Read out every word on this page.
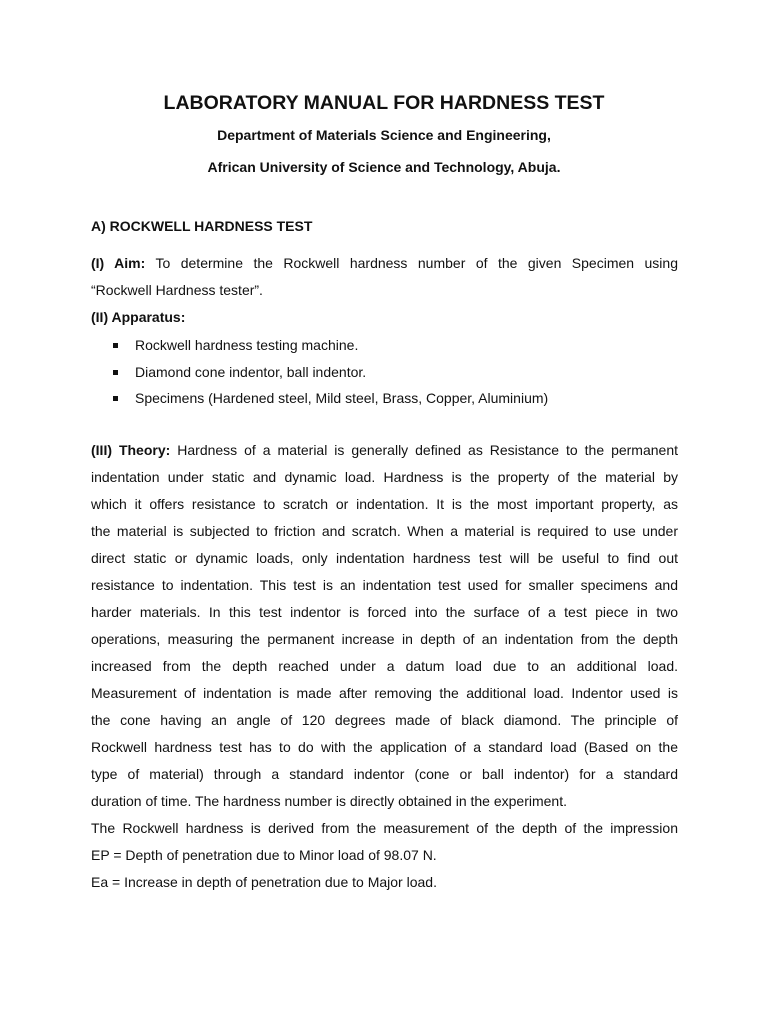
LABORATORY MANUAL FOR HARDNESS TEST
Department of Materials Science and Engineering,
African University of Science and Technology, Abuja.
A) ROCKWELL HARDNESS TEST
(I) Aim: To determine the Rockwell hardness number of the given Specimen using
“Rockwell Hardness tester”.
(II) Apparatus:
Rockwell hardness testing machine.
Diamond cone indentor, ball indentor.
Specimens (Hardened steel, Mild steel, Brass, Copper, Aluminium)
(III) Theory: Hardness of a material is generally defined as Resistance to the permanent
indentation under static and dynamic load. Hardness is the property of the material by
which it offers resistance to scratch or indentation. It is the most important property, as
the material is subjected to friction and scratch. When a material is required to use under
direct static or dynamic loads, only indentation hardness test will be useful to find out
resistance to indentation. This test is an indentation test used for smaller specimens and
harder materials. In this test indentor is forced into the surface of a test piece in two
operations, measuring the permanent increase in depth of an indentation from the depth
increased from the depth reached under a datum load due to an additional load.
Measurement of indentation is made after removing the additional load. Indentor used is
the cone having an angle of 120 degrees made of black diamond. The principle of
Rockwell hardness test has to do with the application of a standard load (Based on the
type of material) through a standard indentor (cone or ball indentor) for a standard
duration of time. The hardness number is directly obtained in the experiment.
The Rockwell hardness is derived from the measurement of the depth of the impression
EP = Depth of penetration due to Minor load of 98.07 N.
Ea = Increase in depth of penetration due to Major load.
